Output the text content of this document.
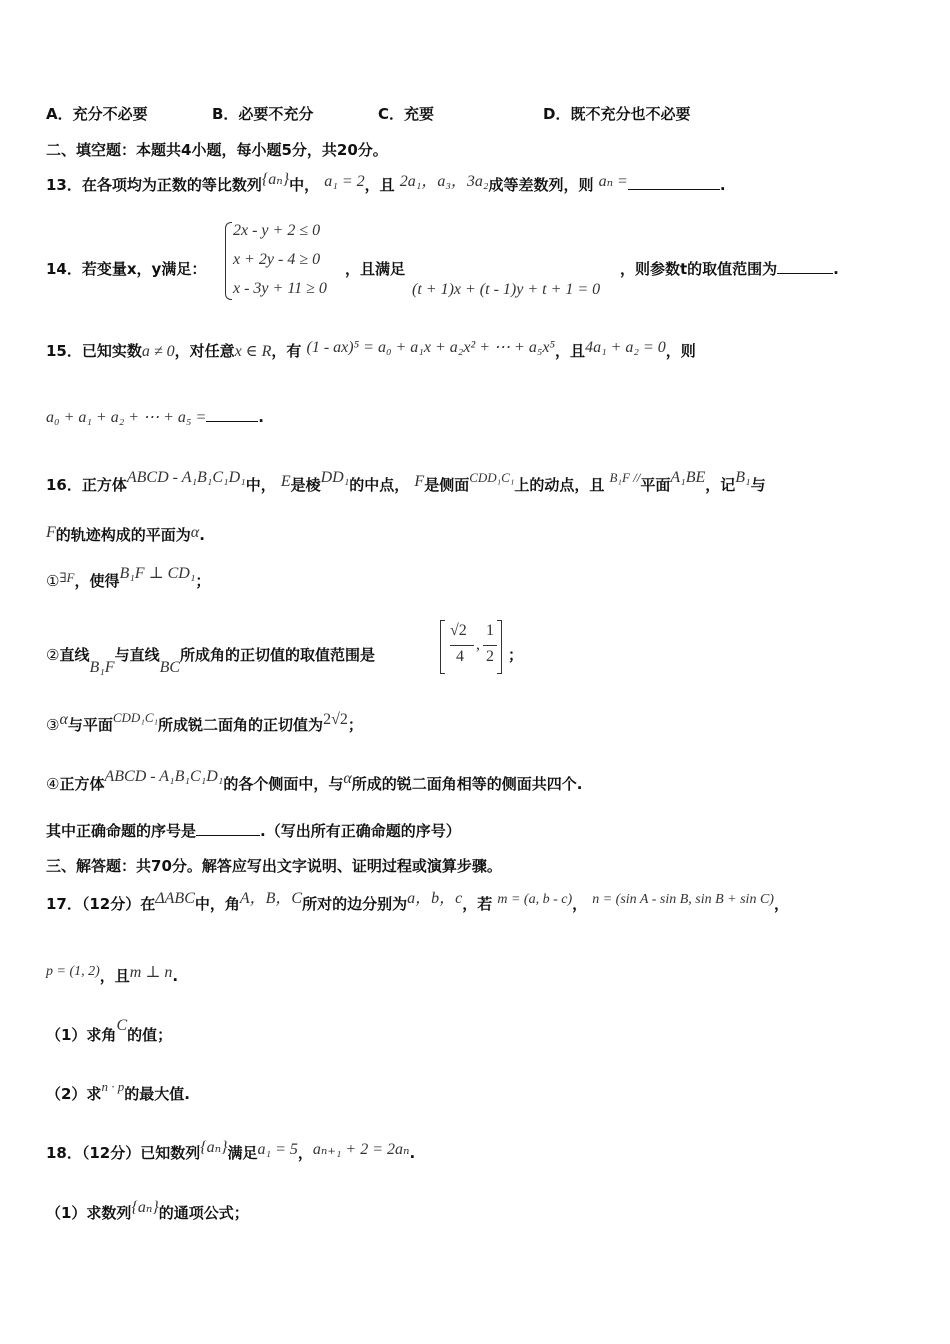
A．充分不必要	B．必要不充分	C．充要	D．既不充分也不必要
二、填空题：本题共4小题，每小题5分，共20分。
13．在各项均为正数的等比数列{aₙ}中， a₁ = 2，且 2a₁，a₃，3a₂成等差数列，则 aₙ =	.
14．若变量x，y满足：
2x - y + 2 ≤ 0
x + 2y - 4 ≥ 0
x - 3y + 11 ≥ 0
，且满足
(t + 1)x + (t - 1)y + t + 1 = 0
，则参数t的取值范围为	.
15．已知实数a ≠ 0，对任意x ∈ R，有 (1 - ax)⁵ = a₀ + a₁x + a₂x² + ⋯ + a₅x⁵，且4a₁ + a₂ = 0，则
a₀ + a₁ + a₂ + ⋯ + a₅ =	.
16．正方体ABCD - A₁B₁C₁D₁中， E是棱DD₁的中点， F是侧面$^{CDD_1C_1}$上的动点，且 $^{B_1F //}$平面A₁BE，记B₁与
F的轨迹构成的平面为α.
①$^{\exists F}$，使得B₁F ⊥ CD₁；
②直线B₁F与直线BC所成角的正切值的取值范围是
√2
4
,
1
2 ；
③α与平面$^{CDD_1C_1}$所成锐二面角的正切值为2√2；
④正方体ABCD - A₁B₁C₁D₁的各个侧面中，与α所成的锐二面角相等的侧面共四个.
其中正确命题的序号是	.（写出所有正确命题的序号）
三、解答题：共70分。解答应写出文字说明、证明过程或演算步骤。
17．（12分）在ΔABC中，角A，B，C所对的边分别为a，b，c，若 m = (a, b - c)， n = (sin A - sin B, sin B + sin C)，
p = (1, 2)，且m ⊥ n.
（1）求角C的值；
（2）求$^{n \cdot p}$的最大值.
18．（12分）已知数列{aₙ}满足a₁ = 5，aₙ₊₁ + 2 = 2aₙ.
（1）求数列{aₙ}的通项公式；
